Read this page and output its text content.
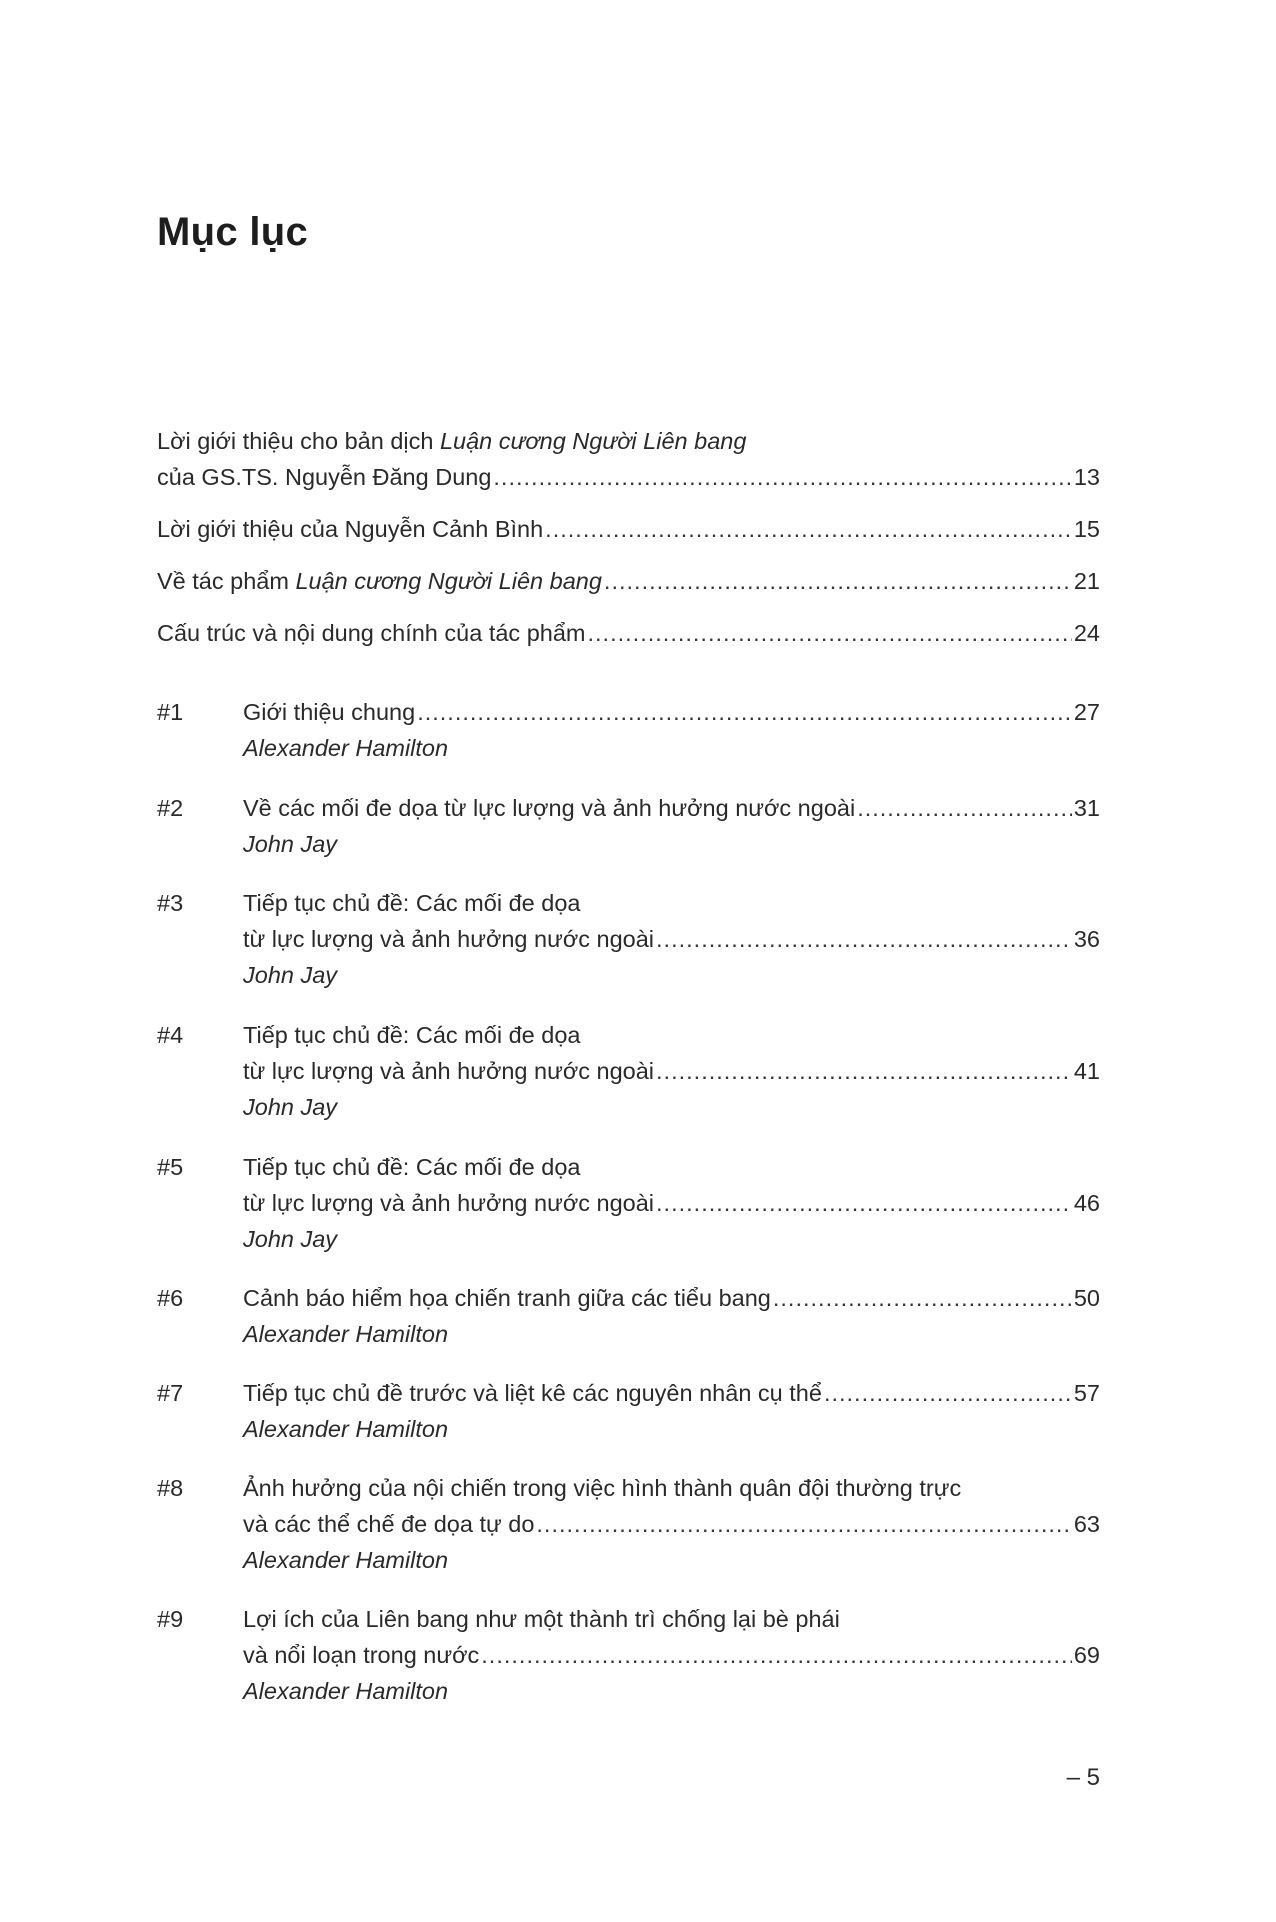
Mục lục
Lời giới thiệu cho bản dịch Luận cương Người Liên bang
của GS.TS. Nguyễn Đăng Dung .....	13
Lời giới thiệu của Nguyễn Cảnh Bình .....	15
Về tác phẩm Luận cương Người Liên bang .....	21
Cấu trúc và nội dung chính của tác phẩm .....	24
#1	Giới thiệu chung .....	27
Alexander Hamilton
#2	Về các mối đe dọa từ lực lượng và ảnh hưởng nước ngoài .....	31
John Jay
#3	Tiếp tục chủ đề: Các mối đe dọa
từ lực lượng và ảnh hưởng nước ngoài .....	36
John Jay
#4	Tiếp tục chủ đề: Các mối đe dọa
từ lực lượng và ảnh hưởng nước ngoài .....	41
John Jay
#5	Tiếp tục chủ đề: Các mối đe dọa
từ lực lượng và ảnh hưởng nước ngoài .....	46
John Jay
#6	Cảnh báo hiểm họa chiến tranh giữa các tiểu bang .....	50
Alexander Hamilton
#7	Tiếp tục chủ đề trước và liệt kê các nguyên nhân cụ thể .....	57
Alexander Hamilton
#8	Ảnh hưởng của nội chiến trong việc hình thành quân đội thường trực
và các thể chế đe dọa tự do .....	63
Alexander Hamilton
#9	Lợi ích của Liên bang như một thành trì chống lại bè phái
và nổi loạn trong nước .....	69
Alexander Hamilton
– 5
